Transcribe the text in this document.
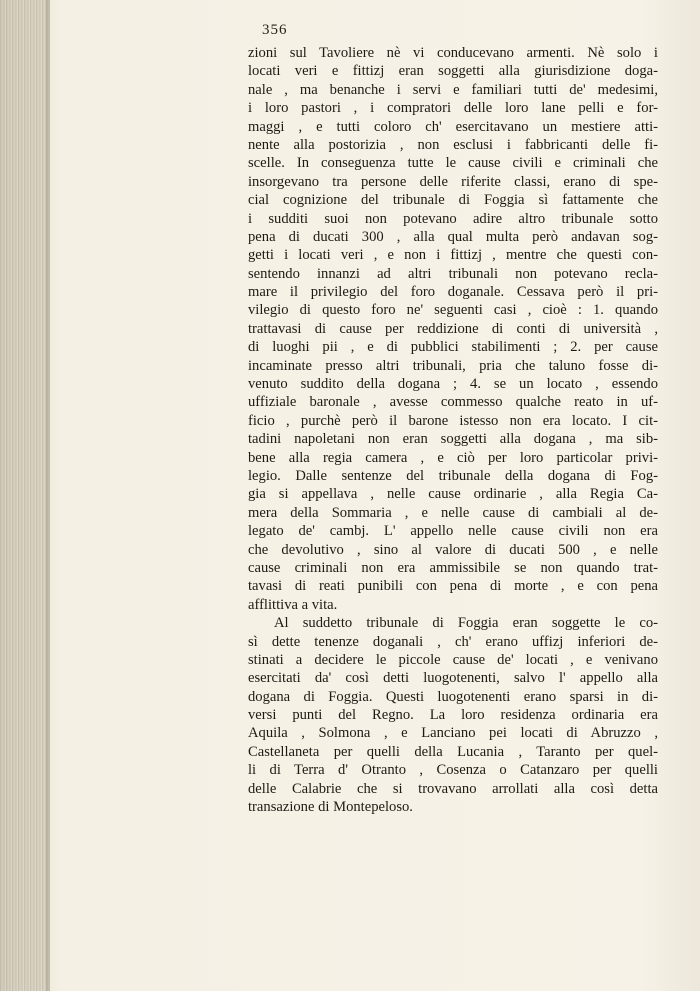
356
zioni sul Tavoliere nè vi conducevano armenti. Nè solo i
locati veri e fittizj eran soggetti alla giurisdizione doga-
nale , ma benanche i servi e familiari tutti de' medesimi,
i loro pastori , i compratori delle loro lane pelli e for-
maggi , e tutti coloro ch' esercitavano un mestiere atti-
nente alla postorizia , non esclusi i fabbricanti delle fi-
scelle. In conseguenza tutte le cause civili e criminali che
insorgevano tra persone delle riferite classi, erano di spe-
cial cognizione del tribunale di Foggia sì fattamente che
i sudditi suoi non potevano adire altro tribunale sotto
pena di ducati 300 , alla qual multa però andavan sog-
getti i locati veri , e non i fittizj , mentre che questi con-
sentendo innanzi ad altri tribunali non potevano recla-
mare il privilegio del foro doganale. Cessava però il pri-
vilegio di questo foro ne' seguenti casi , cioè : 1. quando
trattavasi di cause per reddizione di conti di università ,
di luoghi pii , e di pubblici stabilimenti ; 2. per cause
incaminate presso altri tribunali, pria che taluno fosse di-
venuto suddito della dogana ; 4. se un locato , essendo
uffiziale baronale , avesse commesso qualche reato in uf-
ficio , purchè però il barone istesso non era locato. I cit-
tadini napoletani non eran soggetti alla dogana , ma sib-
bene alla regia camera , e ciò per loro particolar privi-
legio. Dalle sentenze del tribunale della dogana di Fog-
gia si appellava , nelle cause ordinarie , alla Regia Ca-
mera della Sommaria , e nelle cause di cambiali al de-
legato de' cambj. L' appello nelle cause civili non era
che devolutivo , sino al valore di ducati 500 , e nelle
cause criminali non era ammissibile se non quando trat-
tavasi di reati punibili con pena di morte , e con pena
afflittiva a vita.
Al suddetto tribunale di Foggia eran soggette le co-
sì dette tenenze doganali , ch' erano uffizj inferiori de-
stinati a decidere le piccole cause de' locati , e venivano
esercitati da' così detti luogotenenti, salvo l' appello alla
dogana di Foggia. Questi luogotenenti erano sparsi in di-
versi punti del Regno. La loro residenza ordinaria era
Aquila , Solmona , e Lanciano pei locati di Abruzzo ,
Castellaneta per quelli della Lucania , Taranto per quel-
li di Terra d' Otranto , Cosenza o Catanzaro per quelli
delle Calabrie che si trovavano arrollati alla così detta
transazione di Montepeloso.
